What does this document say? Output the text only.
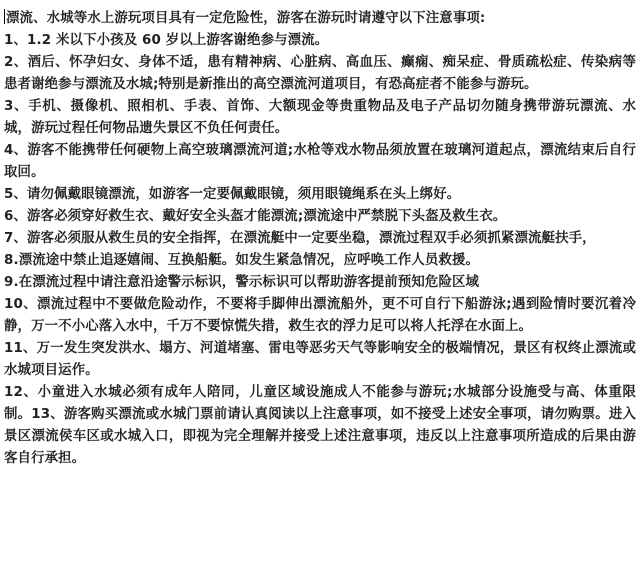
漂流、水城等水上游玩项目具有一定危险性，游客在游玩时请遵守以下注意事项:

1、1.2 米以下小孩及 60 岁以上游客谢绝参与漂流。

2、酒后、怀孕妇女、身体不适，患有精神病、心脏病、高血压、癫痫、痴呆症、骨质疏松症、传染病等患者谢绝参与漂流及水城;特别是新推出的高空漂流河道项目，有恐高症者不能参与游玩。

3、手机、摄像机、照相机、手表、首饰、大额现金等贵重物品及电子产品切勿随身携带游玩漂流、水城，游玩过程任何物品遗失景区不负任何责任。

4、游客不能携带任何硬物上高空玻璃漂流河道;水枪等戏水物品须放置在玻璃河道起点，漂流结束后自行取回。

5、请勿佩戴眼镜漂流，如游客一定要佩戴眼镜，须用眼镜绳系在头上绑好。

6、游客必须穿好救生衣、戴好安全头盔才能漂流;漂流途中严禁脱下头盔及救生衣。

7、游客必须服从救生员的安全指挥，在漂流艇中一定要坐稳，漂流过程双手必须抓紧漂流艇扶手，

8.漂流途中禁止追逐嬉闹、互换船艇。如发生紧急情况，应呼唤工作人员救援。

9.在漂流过程中请注意沿途警示标识，警示标识可以帮助游客提前预知危险区域

10、漂流过程中不要做危险动作，不要将手脚伸出漂流船外，更不可自行下船游泳;遇到险情时要沉着冷静，万一不小心落入水中，千万不要惊慌失措，救生衣的浮力足可以将人托浮在水面上。

11、万一发生突发洪水、塌方、河道堵塞、雷电等恶劣天气等影响安全的极端情况，景区有权终止漂流或水城项目运作。

12、小童进入水城必须有成年人陪同，儿童区域设施成人不能参与游玩;水城部分设施受与高、体重限制。13、游客购买漂流或水城门票前请认真阅读以上注意事项，如不接受上述安全事项，请勿购票。进入景区漂流侯车区或水城入口，即视为完全理解并接受上述注意事项，违反以上注意事项所造成的后果由游客自行承担。
